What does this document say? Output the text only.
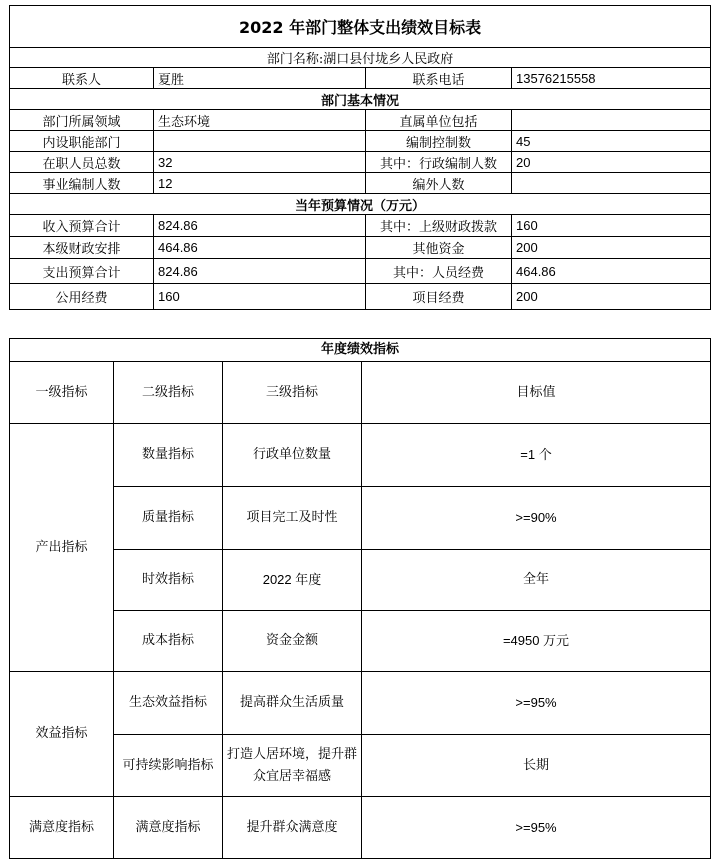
2022 年部门整体支出绩效目标表			
部门名称:湖口县付垅乡人民政府			
联系人	夏胜	联系电话	13576215558
部门基本情况			
部门所属领域	生态环境	直属单位包括	
内设职能部门		编制控制数	45
在职人员总数	32	其中：行政编制人数	20
事业编制人数	12	编外人数	
当年预算情况（万元）			
收入预算合计	824.86	其中：上级财政拨款	160
本级财政安排	464.86	其他资金	200
支出预算合计	824.86	其中：人员经费	464.86
公用经费	160	项目经费	200
年度绩效指标			
一级指标	二级指标	三级指标	目标值
产出指标	数量指标	行政单位数量	=1 个
	质量指标	项目完工及时性	>=90%
	时效指标	2022 年度	全年
	成本指标	资金金额	=4950 万元
效益指标	生态效益指标	提高群众生活质量	>=95%
	可持续影响指标	打造人居环境，提升群众宜居幸福感	长期
满意度指标	满意度指标	提升群众满意度	>=95%
